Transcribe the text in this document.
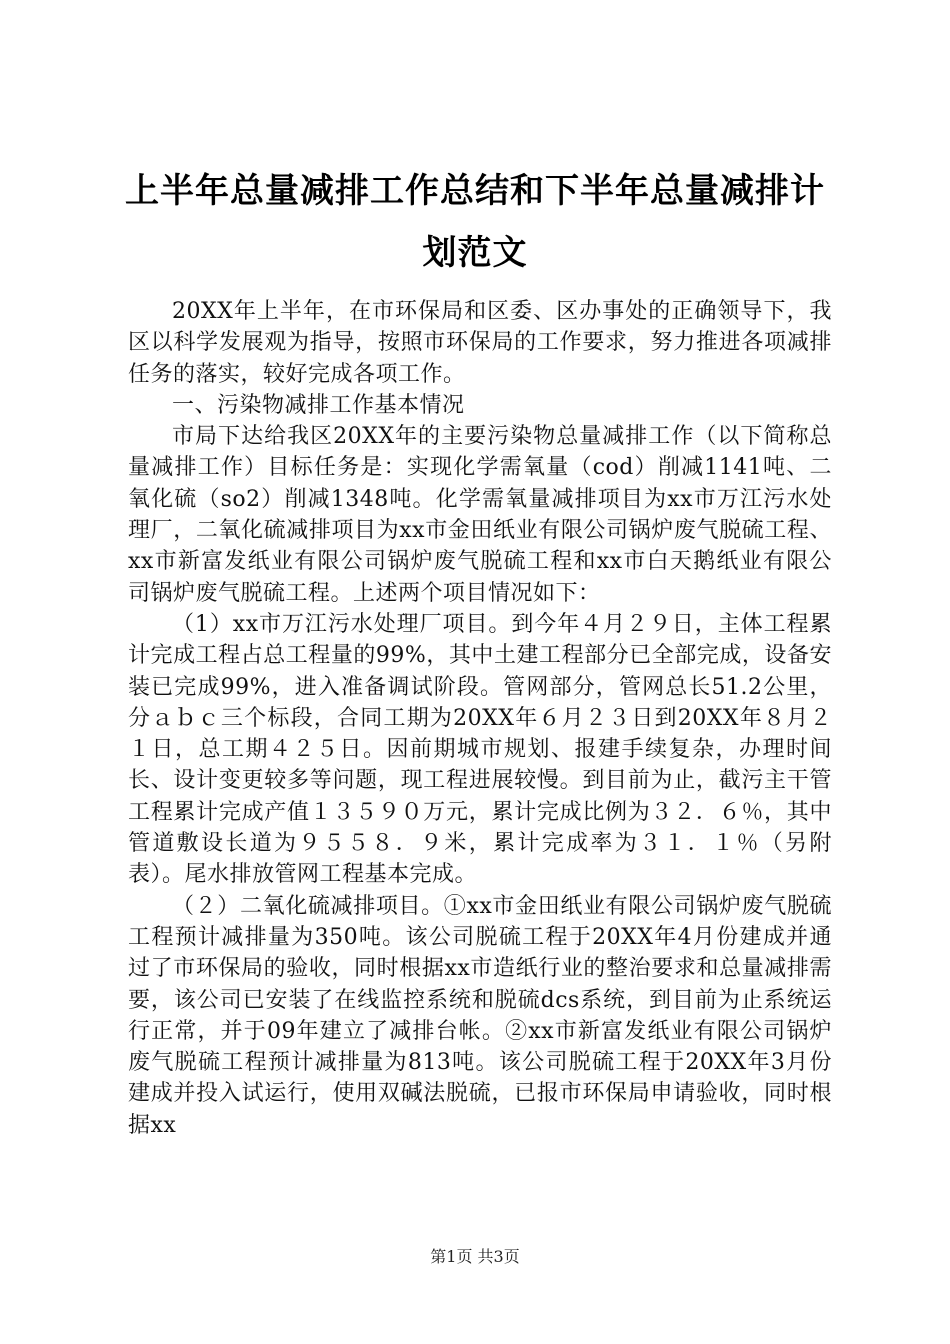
上半年总量减排工作总结和下半年总量减排计划范文

20XX年上半年，在市环保局和区委、区办事处的正确领导下，我区以科学发展观为指导，按照市环保局的工作要求，努力推进各项减排任务的落实，较好完成各项工作。

一、污染物减排工作基本情况

市局下达给我区20XX年的主要污染物总量减排工作（以下简称总量减排工作）目标任务是：实现化学需氧量（cod）削减1141吨、二氧化硫（so2）削减1348吨。化学需氧量减排项目为xx市万江污水处理厂，二氧化硫减排项目为xx市金田纸业有限公司锅炉废气脱硫工程、xx市新富发纸业有限公司锅炉废气脱硫工程和xx市白天鹅纸业有限公司锅炉废气脱硫工程。上述两个项目情况如下：

（1）xx市万江污水处理厂项目。到今年４月２９日，主体工程累计完成工程占总工程量的99%，其中土建工程部分已全部完成，设备安装已完成99%，进入准备调试阶段。管网部分，管网总长51.2公里，分ａｂｃ三个标段，合同工期为20XX年６月２３日到20XX年８月２１日，总工期４２５日。因前期城市规划、报建手续复杂，办理时间长、设计变更较多等问题，现工程进展较慢。到目前为止，截污主干管工程累计完成产值１３５９０万元，累计完成比例为３２．６％，其中管道敷设长道为９５５８．９米，累计完成率为３１．１％（另附表）。尾水排放管网工程基本完成。

（２）二氧化硫减排项目。①xx市金田纸业有限公司锅炉废气脱硫工程预计减排量为350吨。该公司脱硫工程于20XX年4月份建成并通过了市环保局的验收，同时根据xx市造纸行业的整治要求和总量减排需要，该公司已安装了在线监控系统和脱硫dcs系统，到目前为止系统运行正常，并于09年建立了减排台帐。②xx市新富发纸业有限公司锅炉废气脱硫工程预计减排量为813吨。该公司脱硫工程于20XX年3月份建成并投入试运行，使用双碱法脱硫，已报市环保局申请验收，同时根据xx

第1页 共3页
